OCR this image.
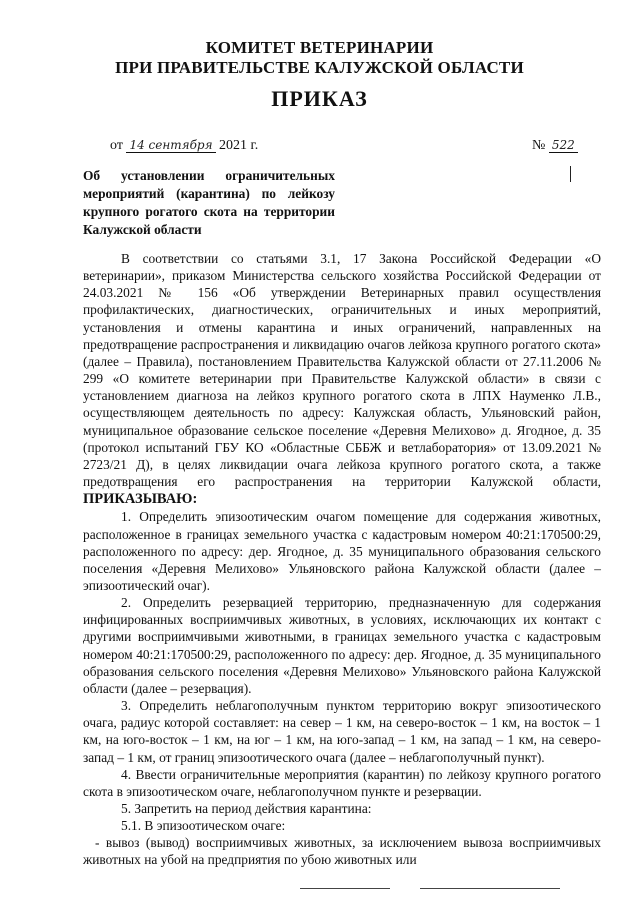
КОМИТЕТ ВЕТЕРИНАРИИ
ПРИ ПРАВИТЕЛЬСТВЕ КАЛУЖСКОЙ ОБЛАСТИ
ПРИКАЗ
от 14 сентября 2021 г.	№ 522
Об установлении ограничительных мероприятий (карантина) по лейкозу крупного рогатого скота на территории Калужской области

В соответствии со статьями 3.1, 17 Закона Российской Федерации «О ветеринарии», приказом Министерства сельского хозяйства Российской Федерации от 24.03.2021 № 156 «Об утверждении Ветеринарных правил осуществления профилактических, диагностических, ограничительных и иных мероприятий, установления и отмены карантина и иных ограничений, направленных на предотвращение распространения и ликвидацию очагов лейкоза крупного рогатого скота» (далее – Правила), постановлением Правительства Калужской области от 27.11.2006 № 299 «О комитете ветеринарии при Правительстве Калужской области» в связи с установлением диагноза на лейкоз крупного рогатого скота в ЛПХ Науменко Л.В., осуществляющем деятельность по адресу: Калужская область, Ульяновский район, муниципальное образование сельское поселение «Деревня Мелихово» д. Ягодное, д. 35 (протокол испытаний ГБУ КО «Областные СББЖ и ветлаборатория» от 13.09.2021 № 2723/21 Д), в целях ликвидации очага лейкоза крупного рогатого скота, а также предотвращения его распространения на территории Калужской области, ПРИКАЗЫВАЮ:

1. Определить эпизоотическим очагом помещение для содержания животных, расположенное в границах земельного участка с кадастровым номером 40:21:170500:29, расположенного по адресу: дер. Ягодное, д. 35 муниципального образования сельского поселения «Деревня Мелихово» Ульяновского района Калужской области (далее – эпизоотический очаг).

2. Определить резервацией территорию, предназначенную для содержания инфицированных восприимчивых животных, в условиях, исключающих их контакт с другими восприимчивыми животными, в границах земельного участка с кадастровым номером 40:21:170500:29, расположенного по адресу: дер. Ягодное, д. 35 муниципального образования сельского поселения «Деревня Мелихово» Ульяновского района Калужской области (далее – резервация).

3. Определить неблагополучным пунктом территорию вокруг эпизоотического очага, радиус которой составляет: на север – 1 км, на северо-восток – 1 км, на восток – 1 км, на юго-восток – 1 км, на юг – 1 км, на юго-запад – 1 км, на запад – 1 км, на северо-запад – 1 км, от границ эпизоотического очага (далее – неблагополучный пункт).

4. Ввести ограничительные мероприятия (карантин) по лейкозу крупного рогатого скота в эпизоотическом очаге, неблагополучном пункте и резервации.

5. Запретить на период действия карантина:

5.1. В эпизоотическом очаге:

- вывоз (вывод) восприимчивых животных, за исключением вывоза восприимчивых животных на убой на предприятия по убою животных или
